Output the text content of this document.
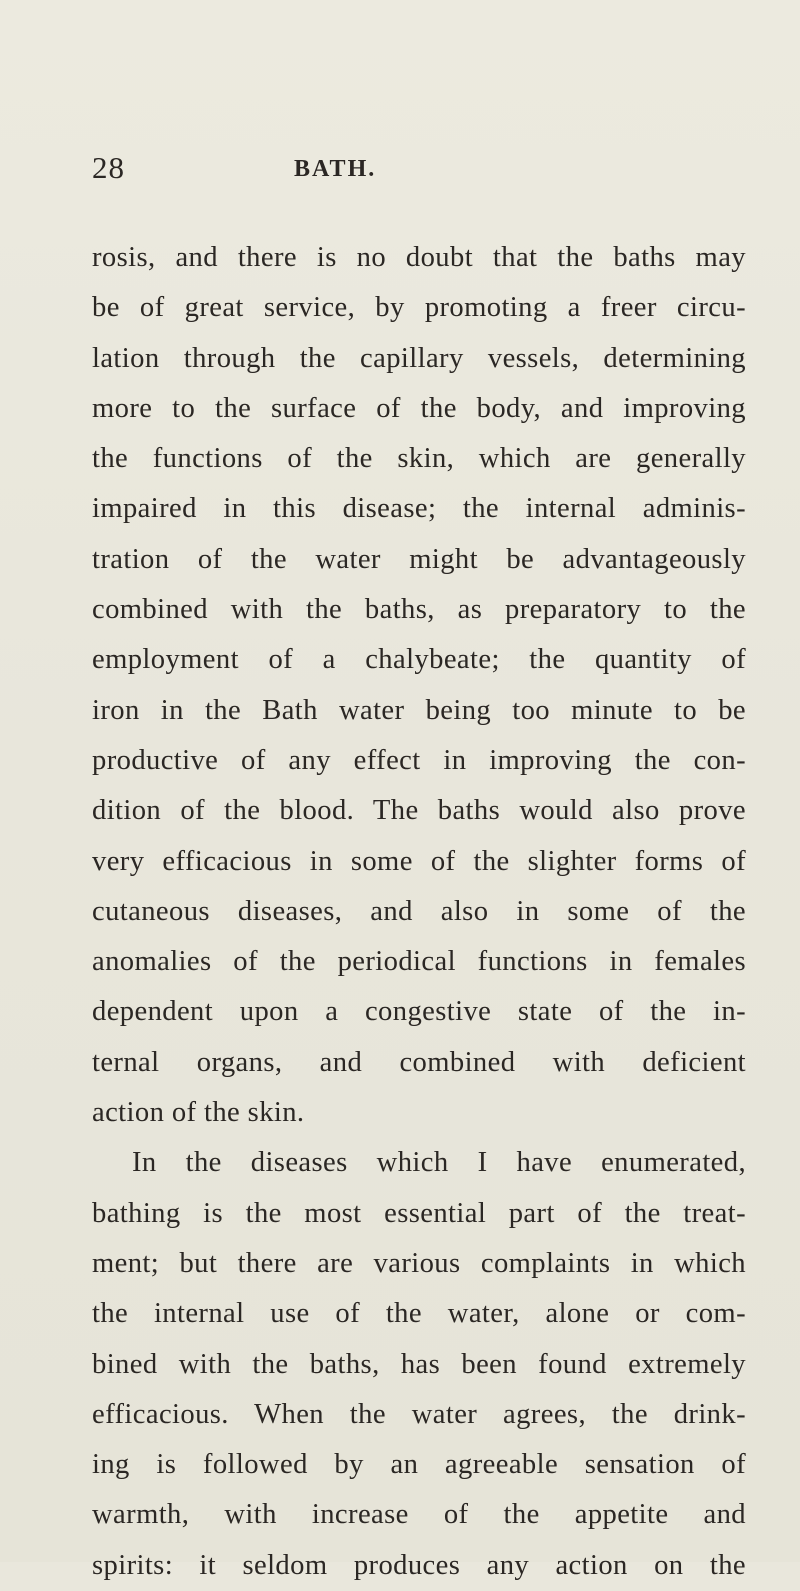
28	BATH.
rosis, and there is no doubt that the baths may
be of great service, by promoting a freer circu-
lation through the capillary vessels, determining
more to the surface of the body, and improving
the functions of the skin, which are generally
impaired in this disease; the internal adminis-
tration of the water might be advantageously
combined with the baths, as preparatory to the
employment of a chalybeate; the quantity of
iron in the Bath water being too minute to be
productive of any effect in improving the con-
dition of the blood. The baths would also prove
very efficacious in some of the slighter forms of
cutaneous diseases, and also in some of the
anomalies of the periodical functions in females
dependent upon a congestive state of the in-
ternal organs, and combined with deficient
action of the skin.
In the diseases which I have enumerated,
bathing is the most essential part of the treat-
ment; but there are various complaints in which
the internal use of the water, alone or com-
bined with the baths, has been found extremely
efficacious. When the water agrees, the drink-
ing is followed by an agreeable sensation of
warmth, with increase of the appetite and
spirits: it seldom produces any action on the
